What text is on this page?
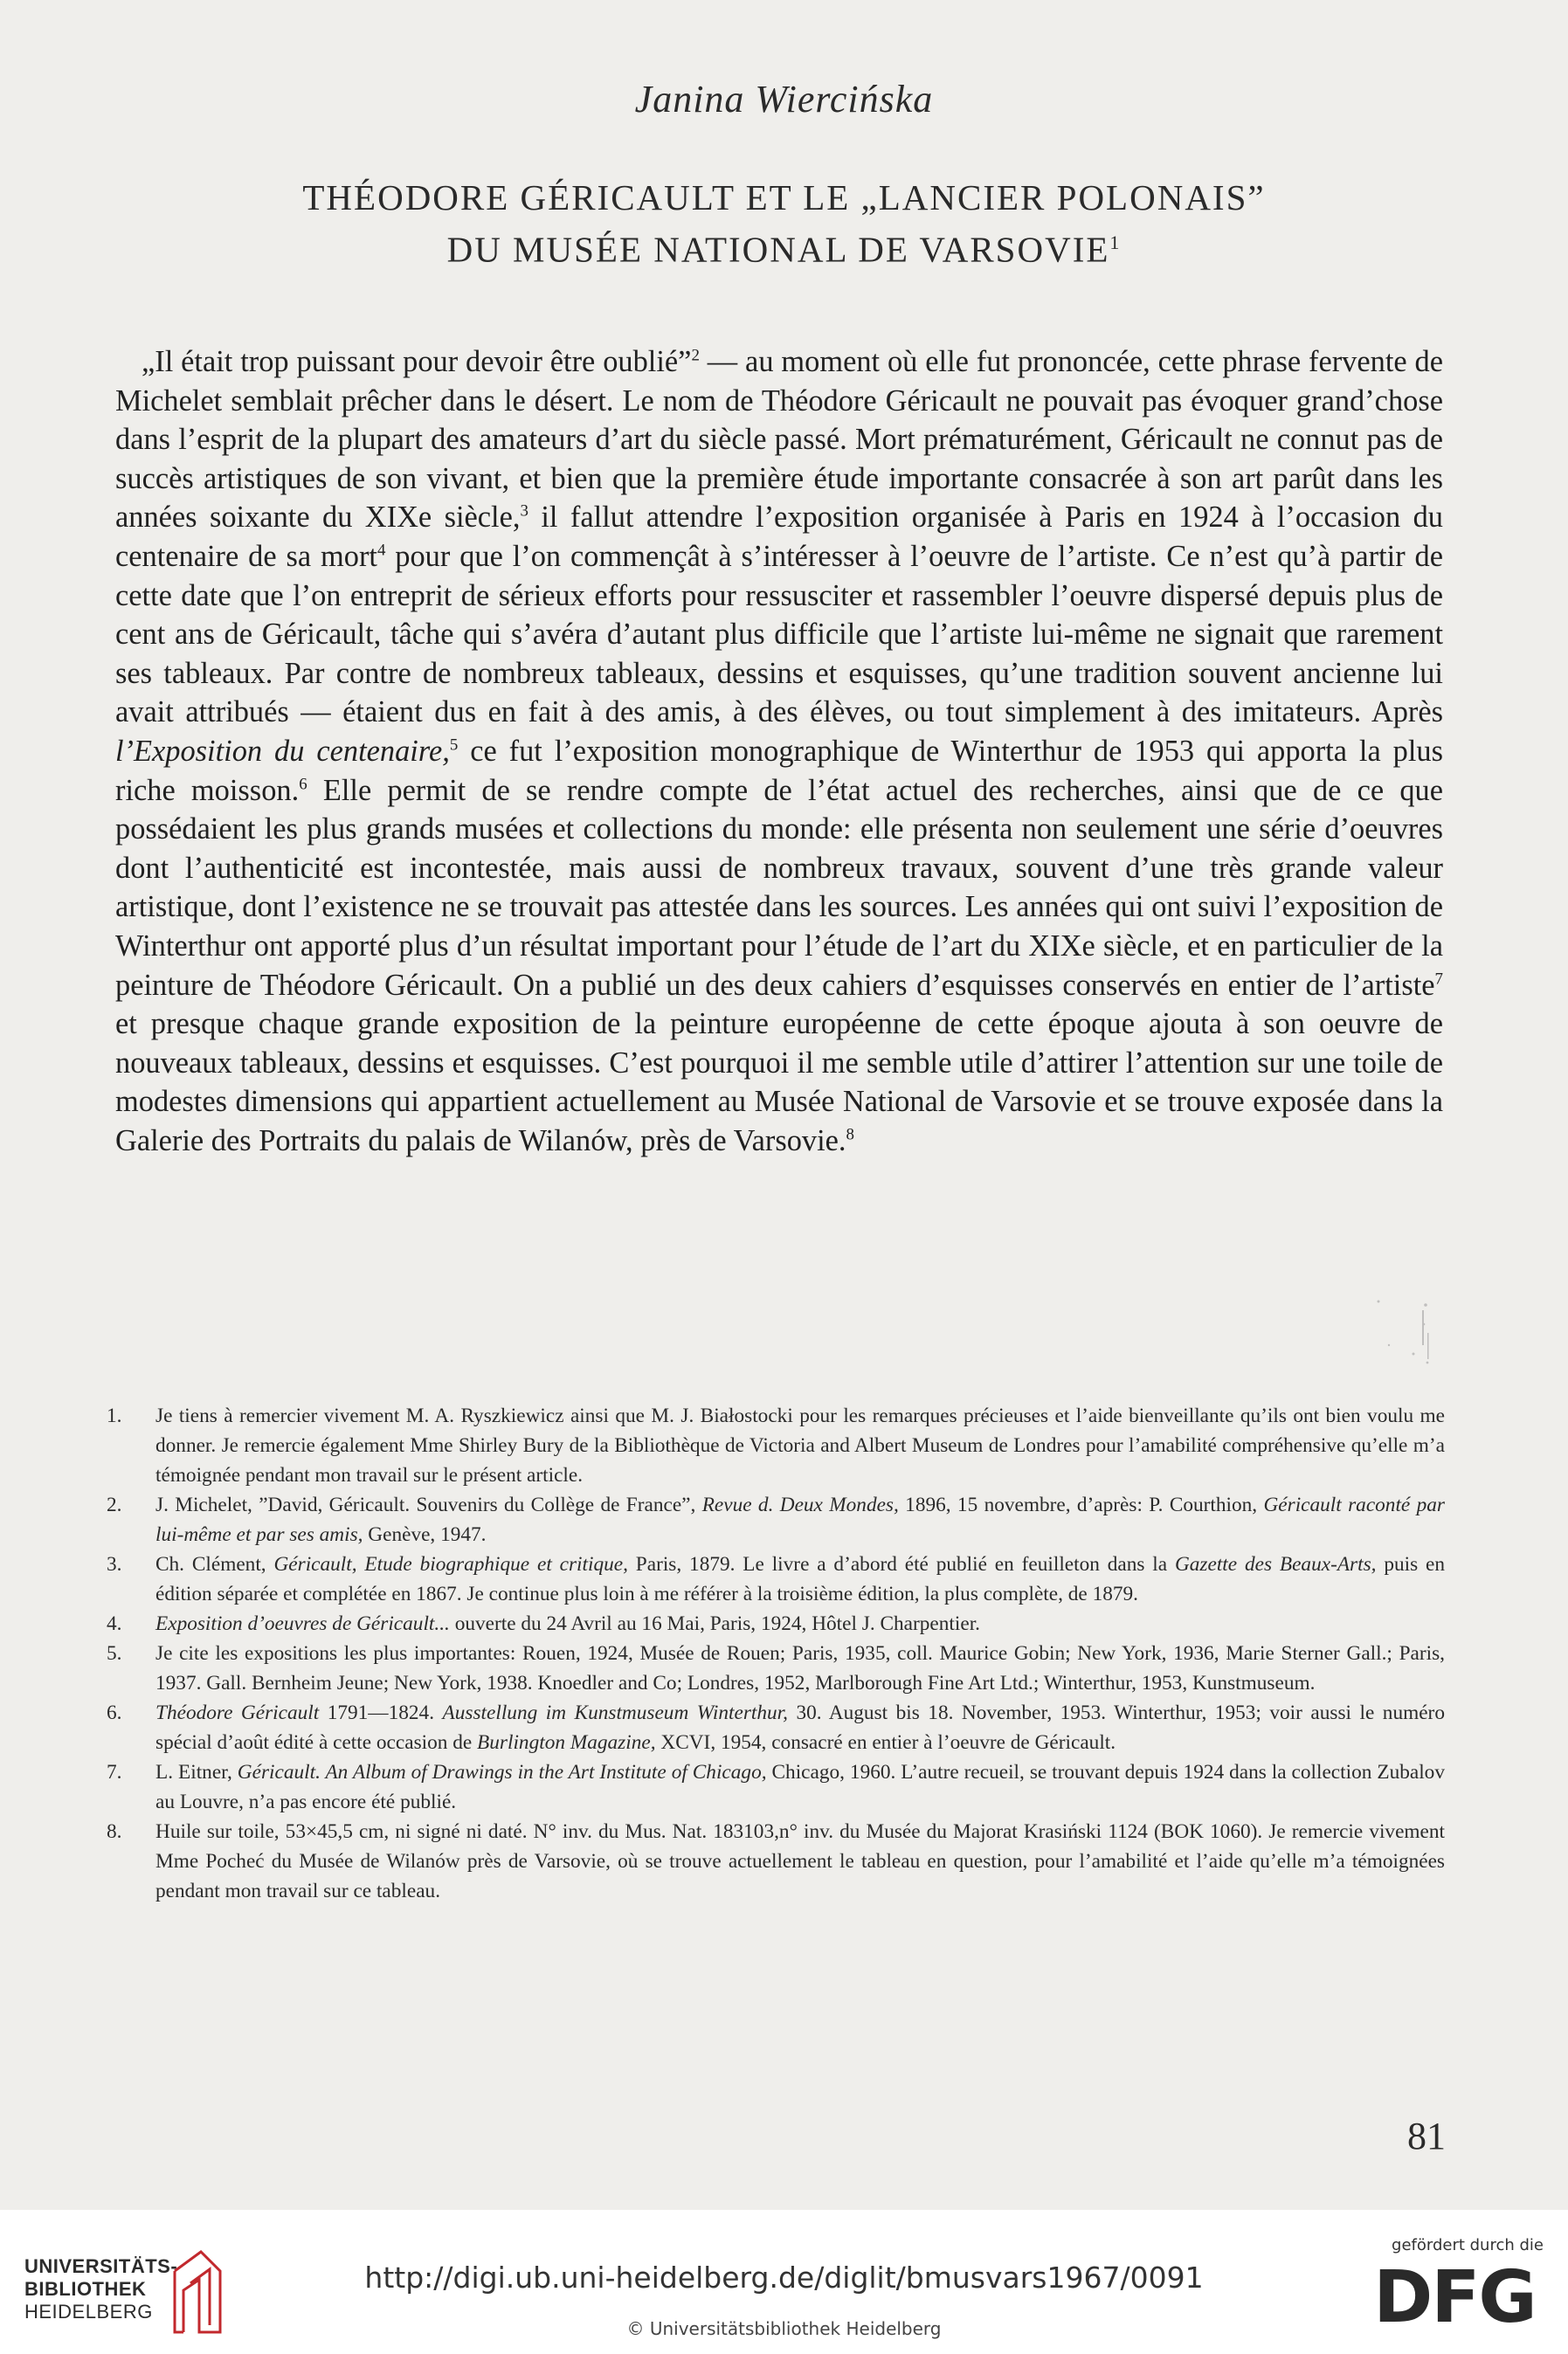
Janina Wiercińska
THÉODORE GÉRICAULT ET LE „LANCIER POLONAIS”
DU MUSÉE NATIONAL DE VARSOVIE$^1$

„Il était trop puissant pour devoir être oublié”$^2$ — au moment où elle fut prononcée, cette phrase fervente de Michelet semblait prêcher dans le désert. Le nom de Théodore Géricault ne pouvait pas évoquer grand’chose dans l’esprit de la plupart des amateurs d’art du siècle passé. Mort prématurément, Géricault ne connut pas de succès artistiques de son vivant, et bien que la première étude importante consacrée à son art parût dans les années soixante du XIXe siècle,$^3$ il fallut attendre l’exposition organisée à Paris en 1924 à l’occasion du centenaire de sa mort$^4$ pour que l’on commençât à s’intéresser à l’oeuvre de l’artiste. Ce n’est qu’à partir de cette date que l’on entreprit de sérieux efforts pour ressusciter et rassembler l’oeuvre dispersé depuis plus de cent ans de Géricault, tâche qui s’avéra d’autant plus difficile que l’artiste lui-même ne signait que rarement ses tableaux. Par contre de nombreux tableaux, dessins et esquisses, qu’une tradition souvent ancienne lui avait attribués — étaient dus en fait à des amis, à des élèves, ou tout simplement à des imitateurs. Après l’Exposition du centenaire,$^5$ ce fut l’exposition monographique de Winterthur de 1953 qui apporta la plus riche moisson.$^6$ Elle permit de se rendre compte de l’état actuel des recherches, ainsi que de ce que possédaient les plus grands musées et collections du monde: elle présenta non seulement une série d’oeuvres dont l’authenticité est incontestée, mais aussi de nombreux travaux, souvent d’une très grande valeur artistique, dont l’existence ne se trouvait pas attestée dans les sources. Les années qui ont suivi l’exposition de Winterthur ont apporté plus d’un résultat important pour l’étude de l’art du XIXe siècle, et en particulier de la peinture de Théodore Géricault. On a publié un des deux cahiers d’esquisses conservés en entier de l’artiste$^7$ et presque chaque grande exposition de la peinture européenne de cette époque ajouta à son oeuvre de nouveaux tableaux, dessins et esquisses. C’est pourquoi il me semble utile d’attirer l’attention sur une toile de modestes dimensions qui appartient actuellement au Musée National de Varsovie et se trouve exposée dans la Galerie des Portraits du palais de Wilanów, près de Varsovie.$^8$

1.	Je tiens à remercier vivement M. A. Ryszkiewicz ainsi que M. J. Białostocki pour les remarques précieuses et l’aide bienveillante qu’ils ont bien voulu me donner. Je remercie également Mme Shirley Bury de la Bibliothèque de Victoria and Albert Museum de Londres pour l’amabilité compréhensive qu’elle m’a témoignée pendant mon travail sur le présent article.
2.	J. Michelet, ”David, Géricault. Souvenirs du Collège de France”, Revue d. Deux Mondes, 1896, 15 novembre, d’après: P. Courthion, Géricault raconté par lui-même et par ses amis, Genève, 1947.
3.	Ch. Clément, Géricault, Etude biographique et critique, Paris, 1879. Le livre a d’abord été publié en feuilleton dans la Gazette des Beaux-Arts, puis en édition séparée et complétée en 1867. Je continue plus loin à me référer à la troisième édition, la plus complète, de 1879.
4.	Exposition d’oeuvres de Géricault... ouverte du 24 Avril au 16 Mai, Paris, 1924, Hôtel J. Charpentier.
5.	Je cite les expositions les plus importantes: Rouen, 1924, Musée de Rouen; Paris, 1935, coll. Maurice Gobin; New York, 1936, Marie Sterner Gall.; Paris, 1937. Gall. Bernheim Jeune; New York, 1938. Knoedler and Co; Londres, 1952, Marlborough Fine Art Ltd.; Winterthur, 1953, Kunstmuseum.
6.	Théodore Géricault 1791—1824. Ausstellung im Kunstmuseum Winterthur, 30. August bis 18. November, 1953. Winterthur, 1953; voir aussi le numéro spécial d’août édité à cette occasion de Burlington Magazine, XCVI, 1954, consacré en entier à l’oeuvre de Géricault.
7.	L. Eitner, Géricault. An Album of Drawings in the Art Institute of Chicago, Chicago, 1960. L’autre recueil, se trouvant depuis 1924 dans la collection Zubalov au Louvre, n’a pas encore été publié.
8.	Huile sur toile, 53×45,5 cm, ni signé ni daté. N° inv. du Mus. Nat. 183103,n° inv. du Musée du Majorat Krasiński 1124 (BOK 1060). Je remercie vivement Mme Pocheć du Musée de Wilanów près de Varsovie, où se trouve actuellement le tableau en question, pour l’amabilité et l’aide qu’elle m’a témoignées pendant mon travail sur ce tableau.
81
UNIVERSITÄTS-
BIBLIOTHEK
HEIDELBERG
http://digi.ub.uni-heidelberg.de/diglit/bmusvars1967/0091
© Universitätsbibliothek Heidelberg
gefördert durch die
DFG
